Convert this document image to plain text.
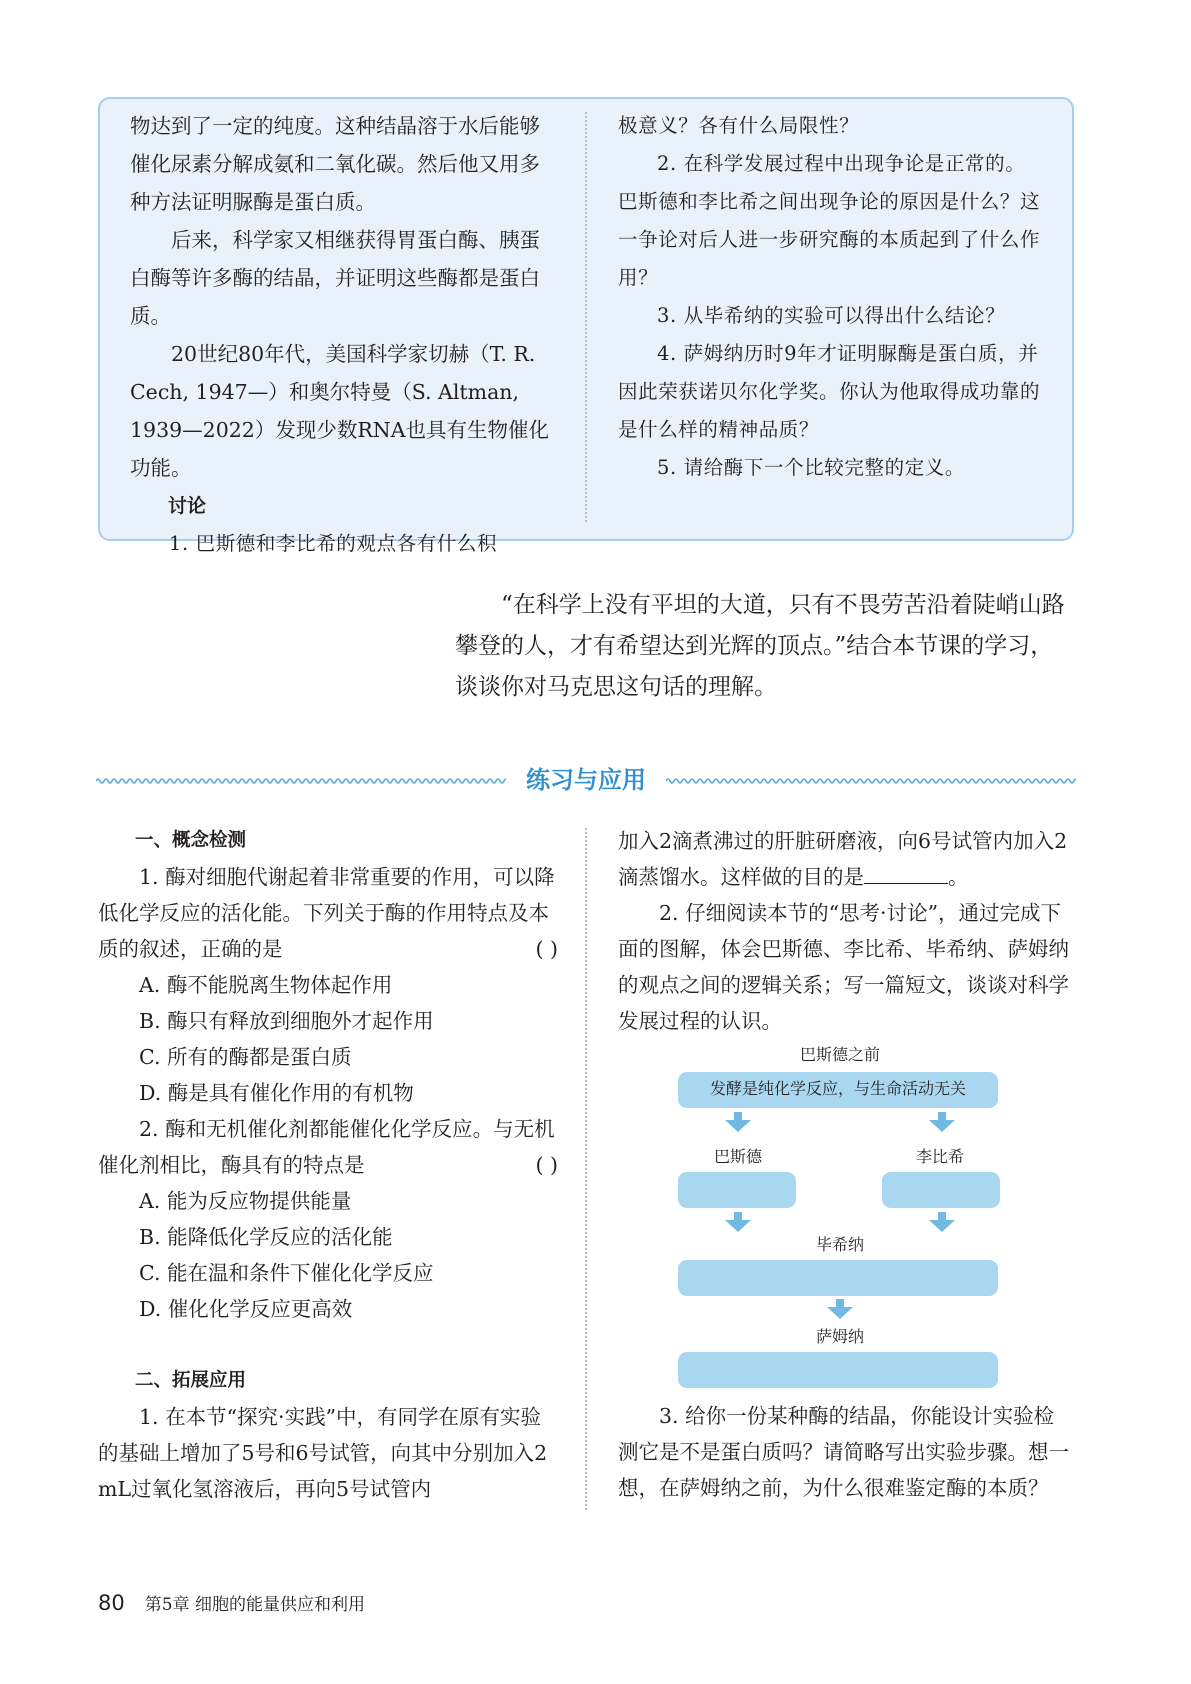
物达到了一定的纯度。这种结晶溶于水后能够催化尿素分解成氨和二氧化碳。然后他又用多种方法证明脲酶是蛋白质。

后来，科学家又相继获得胃蛋白酶、胰蛋白酶等许多酶的结晶，并证明这些酶都是蛋白质。

20世纪80年代，美国科学家切赫（T. R. Cech, 1947—）和奥尔特曼（S. Altman, 1939—2022）发现少数RNA也具有生物催化功能。

讨论

1. 巴斯德和李比希的观点各有什么积

极意义？各有什么局限性？

2. 在科学发展过程中出现争论是正常的。巴斯德和李比希之间出现争论的原因是什么？这一争论对后人进一步研究酶的本质起到了什么作用？

3. 从毕希纳的实验可以得出什么结论？

4. 萨姆纳历时9年才证明脲酶是蛋白质，并因此荣获诺贝尔化学奖。你认为他取得成功靠的是什么样的精神品质？

5. 请给酶下一个比较完整的定义。

“在科学上没有平坦的大道，只有不畏劳苦沿着陡峭山路攀登的人，才有希望达到光辉的顶点。”结合本节课的学习，谈谈你对马克思这句话的理解。

练习与应用

一、概念检测

1. 酶对细胞代谢起着非常重要的作用，可以降低化学反应的活化能。下列关于酶的作用特点及本质的叙述，正确的是	( )

A. 酶不能脱离生物体起作用

B. 酶只有释放到细胞外才起作用

C. 所有的酶都是蛋白质

D. 酶是具有催化作用的有机物

2. 酶和无机催化剂都能催化化学反应。与无机催化剂相比，酶具有的特点是	( )

A. 能为反应物提供能量

B. 能降低化学反应的活化能

C. 能在温和条件下催化化学反应

D. 催化化学反应更高效

二、拓展应用

1. 在本节“探究·实践”中，有同学在原有实验的基础上增加了5号和6号试管，向其中分别加入2 mL过氧化氢溶液后，再向5号试管内

加入2滴煮沸过的肝脏研磨液，向6号试管内加入2滴蒸馏水。这样做的目的是	。

2. 仔细阅读本节的“思考·讨论”，通过完成下面的图解，体会巴斯德、李比希、毕希纳、萨姆纳的观点之间的逻辑关系；写一篇短文，谈谈对科学发展过程的认识。

巴斯德之前
发酵是纯化学反应，与生命活动无关
巴斯德	李比希
毕希纳
萨姆纳

3. 给你一份某种酶的结晶，你能设计实验检测它是不是蛋白质吗？请简略写出实验步骤。想一想，在萨姆纳之前，为什么很难鉴定酶的本质？

80 第5章 细胞的能量供应和利用
